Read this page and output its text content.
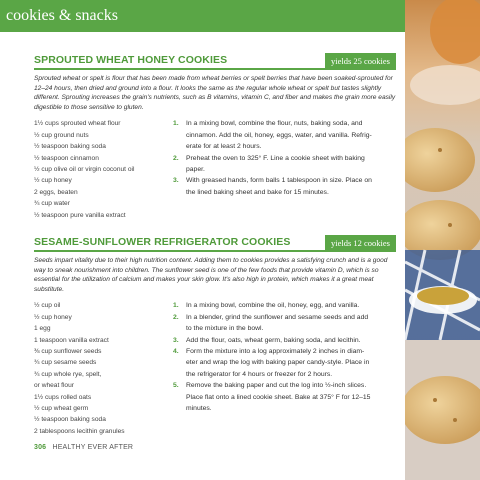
cookies & snacks
SPROUTED WHEAT HONEY COOKIES	yields 25 cookies
Sprouted wheat or spelt is flour that has been made from wheat berries or spelt berries that have been soaked-sprouted for 12–24 hours, then dried and ground into a flour. It looks the same as the regular whole wheat or spelt but tastes slightly different. Sprouting increases the grain's nutrients, such as B vitamins, vitamin C, and fiber and makes the grain more easily digestible to those sensitive to gluten.
1½ cups sprouted wheat flour
½ cup ground nuts
½ teaspoon baking soda
½ teaspoon cinnamon
½ cup olive oil or virgin coconut oil
½ cup honey
2 eggs, beaten
¾ cup water
½ teaspoon pure vanilla extract
1. In a mixing bowl, combine the flour, nuts, baking soda, and
cinnamon. Add the oil, honey, eggs, water, and vanilla. Refrig-
erate for at least 2 hours.
2. Preheat the oven to 325° F. Line a cookie sheet with baking
paper.
3. With greased hands, form balls 1 tablespoon in size. Place on
the lined baking sheet and bake for 15 minutes.
SESAME-SUNFLOWER REFRIGERATOR COOKIES	yields 12 cookies
Seeds impart vitality due to their high nutrition content. Adding them to cookies provides a satisfying crunch and is a good way to sneak nourishment into children. The sunflower seed is one of the few foods that provide vitamin D, which is so essential for the utilization of calcium and makes your skin glow. It's also high in protein, which makes it a great meat substitute.
½ cup oil
½ cup honey
1 egg
1 teaspoon vanilla extract
⅜ cup sunflower seeds
¾ cup sesame seeds
¾ cup whole rye, spelt,
or wheat flour
1½ cups rolled oats
½ cup wheat germ
½ teaspoon baking soda
2 tablespoons lecithin granules
1. In a mixing bowl, combine the oil, honey, egg, and vanilla.
2. In a blender, grind the sunflower and sesame seeds and add
to the mixture in the bowl.
3. Add the flour, oats, wheat germ, baking soda, and lecithin.
4. Form the mixture into a log approximately 2 inches in diam-
eter and wrap the log with baking paper candy-style. Place in
the refrigerator for 4 hours or freezer for 2 hours.
5. Remove the baking paper and cut the log into ½-inch slices.
Place flat onto a lined cookie sheet. Bake at 375° F for 12–15
minutes.
306 HEALTHY EVER AFTER
